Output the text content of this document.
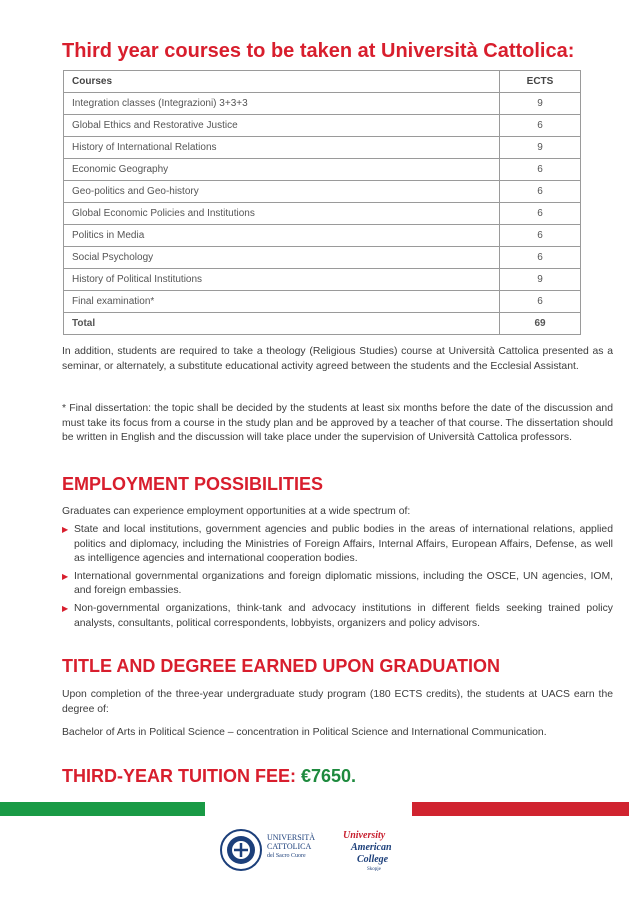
Third year courses to be taken at Università Cattolica:
Courses	ECTS
Integration classes (Integrazioni) 3+3+3	9
Global Ethics and Restorative Justice	6
History of International Relations	9
Economic Geography	6
Geo-politics and Geo-history	6
Global Economic Policies and Institutions	6
Politics in Media	6
Social Psychology	6
History of Political Institutions	9
Final examination*	6
Total	69

In addition, students are required to take a theology (Religious Studies) course at Università Cattolica presented as a seminar, or alternately, a substitute educational activity agreed between the students and the Ecclesial Assistant.

* Final dissertation: the topic shall be decided by the students at least six months before the date of the discussion and must take its focus from a course in the study plan and be approved by a teacher of that course. The dissertation should be written in English and the discussion will take place under the supervision of Università Cattolica professors.

EMPLOYMENT POSSIBILITIES

Graduates can experience employment opportunities at a wide spectrum of:

▶ State and local institutions, government agencies and public bodies in the areas of international relations, applied politics and diplomacy, including the Ministries of Foreign Affairs, Internal Affairs, European Affairs, Defense, as well as intelligence agencies and international cooperation bodies.
▶ International governmental organizations and foreign diplomatic missions, including the OSCE, UN agencies, IOM, and foreign embassies.
▶ Non-governmental organizations, think-tank and advocacy institutions in different fields seeking trained policy analysts, consultants, political correspondents, lobbyists, organizers and policy advisors.
TITLE AND DEGREE EARNED UPON GRADUATION

Upon completion of the three-year undergraduate study program (180 ECTS credits), the students at UACS earn the degree of:

Bachelor of Arts in Political Science – concentration in Political Science and International Communication.

THIRD-YEAR TUITION FEE: €7650.
UNIVERSITÀ
CATTOLICA
del Sacro Cuore
University
American
College
Skopje
